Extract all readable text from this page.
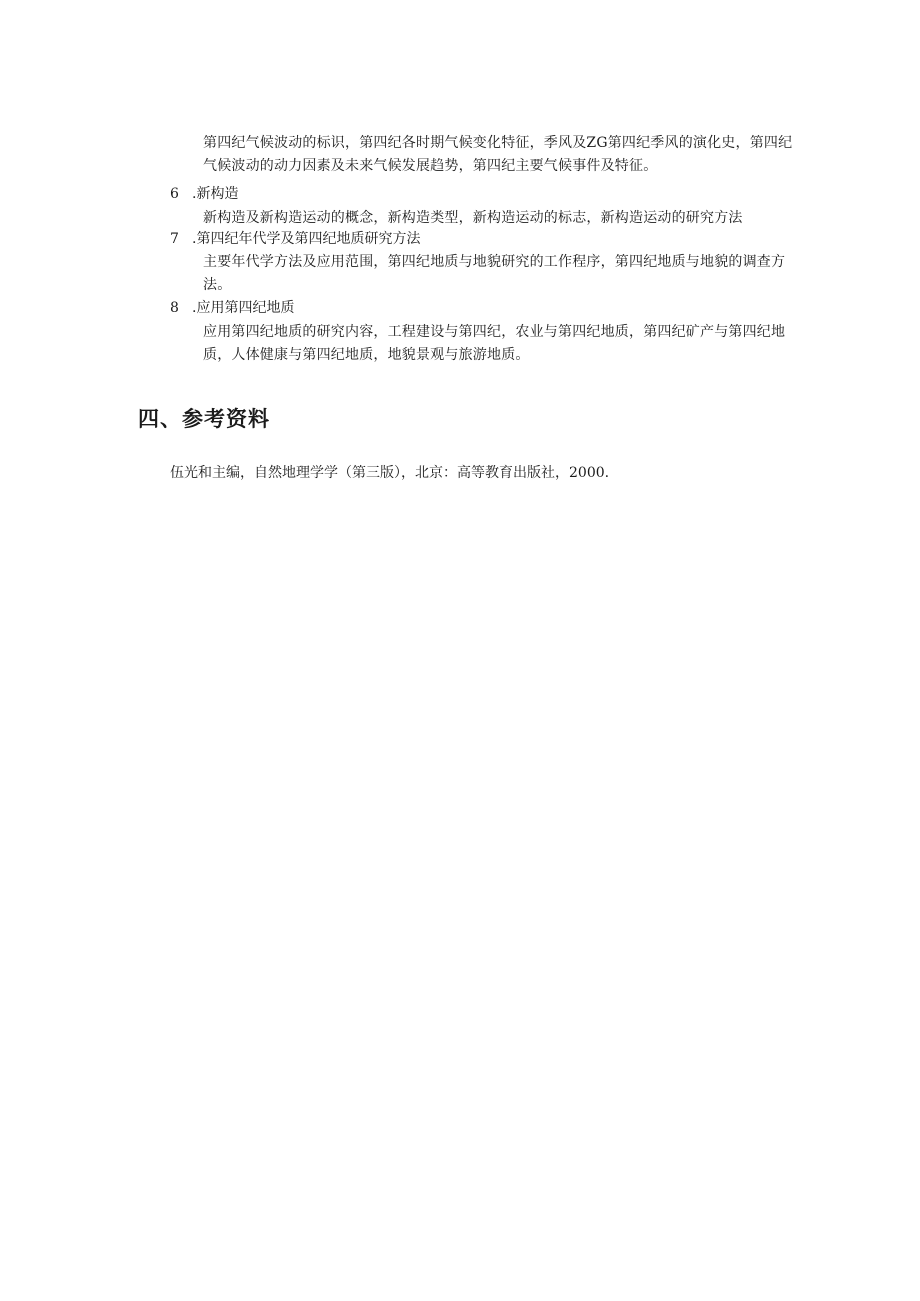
第四纪气候波动的标识，第四纪各时期气候变化特征，季风及ZG第四纪季风的演化史，第四纪气候波动的动力因素及未来气候发展趋势，第四纪主要气候事件及特征。

6 .新构造

新构造及新构造运动的概念，新构造类型，新构造运动的标志，新构造运动的研究方法

7 .第四纪年代学及第四纪地质研究方法

主要年代学方法及应用范围，第四纪地质与地貌研究的工作程序，第四纪地质与地貌的调查方法。

8 .应用第四纪地质

应用第四纪地质的研究内容，工程建设与第四纪，农业与第四纪地质，第四纪矿产与第四纪地质，人体健康与第四纪地质，地貌景观与旅游地质。

四、参考资料

伍光和主编，自然地理学学（第三版），北京：高等教育出版社，2000.
